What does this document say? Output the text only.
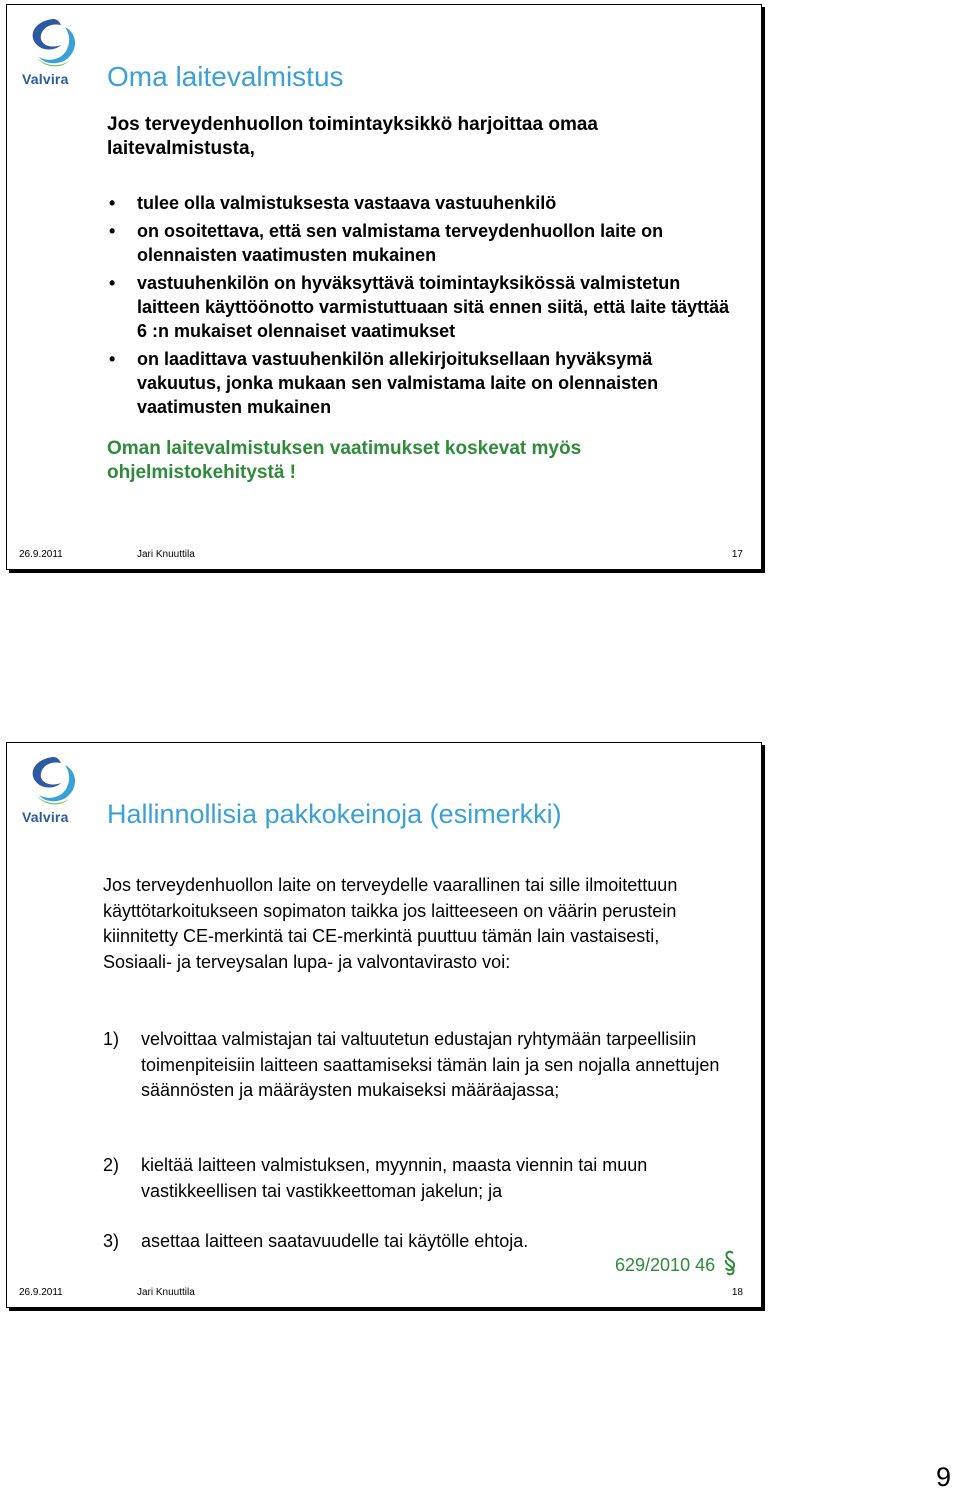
Valvira Oma laitevalmistus
Jos terveydenhuollon toimintayksikkö harjoittaa omaa laitevalmistusta,
• tulee olla valmistuksesta vastaava vastuuhenkilö
• on osoitettava, että sen valmistama terveydenhuollon laite on olennaisten vaatimusten mukainen
• vastuuhenkilön on hyväksyttävä toimintayksikössä valmistetun laitteen käyttöönotto varmistuttuaan sitä ennen siitä, että laite täyttää 6 :n mukaiset olennaiset vaatimukset
• on laadittava vastuuhenkilön allekirjoituksellaan hyväksymä vakuutus, jonka mukaan sen valmistama laite on olennaisten vaatimusten mukainen
Oman laitevalmistuksen vaatimukset koskevat myös ohjelmistokehitystä !
26.9.2011	Jari Knuuttila	17
Valvira Hallinnollisia pakkokeinoja (esimerkki)
Jos terveydenhuollon laite on terveydelle vaarallinen tai sille ilmoitettuun käyttötarkoitukseen sopimaton taikka jos laitteeseen on väärin perustein kiinnitetty CE-merkintä tai CE-merkintä puuttuu tämän lain vastaisesti, Sosiaali- ja terveysalan lupa- ja valvontavirasto voi:
1) velvoittaa valmistajan tai valtuutetun edustajan ryhtymään tarpeellisiin toimenpiteisiin laitteen saattamiseksi tämän lain ja sen nojalla annettujen säännösten ja määräysten mukaiseksi määräajassa;
2) kieltää laitteen valmistuksen, myynnin, maasta viennin tai muun vastikkeellisen tai vastikkeettoman jakelun; ja
3) asettaa laitteen saatavuudelle tai käytölle ehtoja.
629/2010 46
26.9.2011	Jari Knuuttila	18
9
